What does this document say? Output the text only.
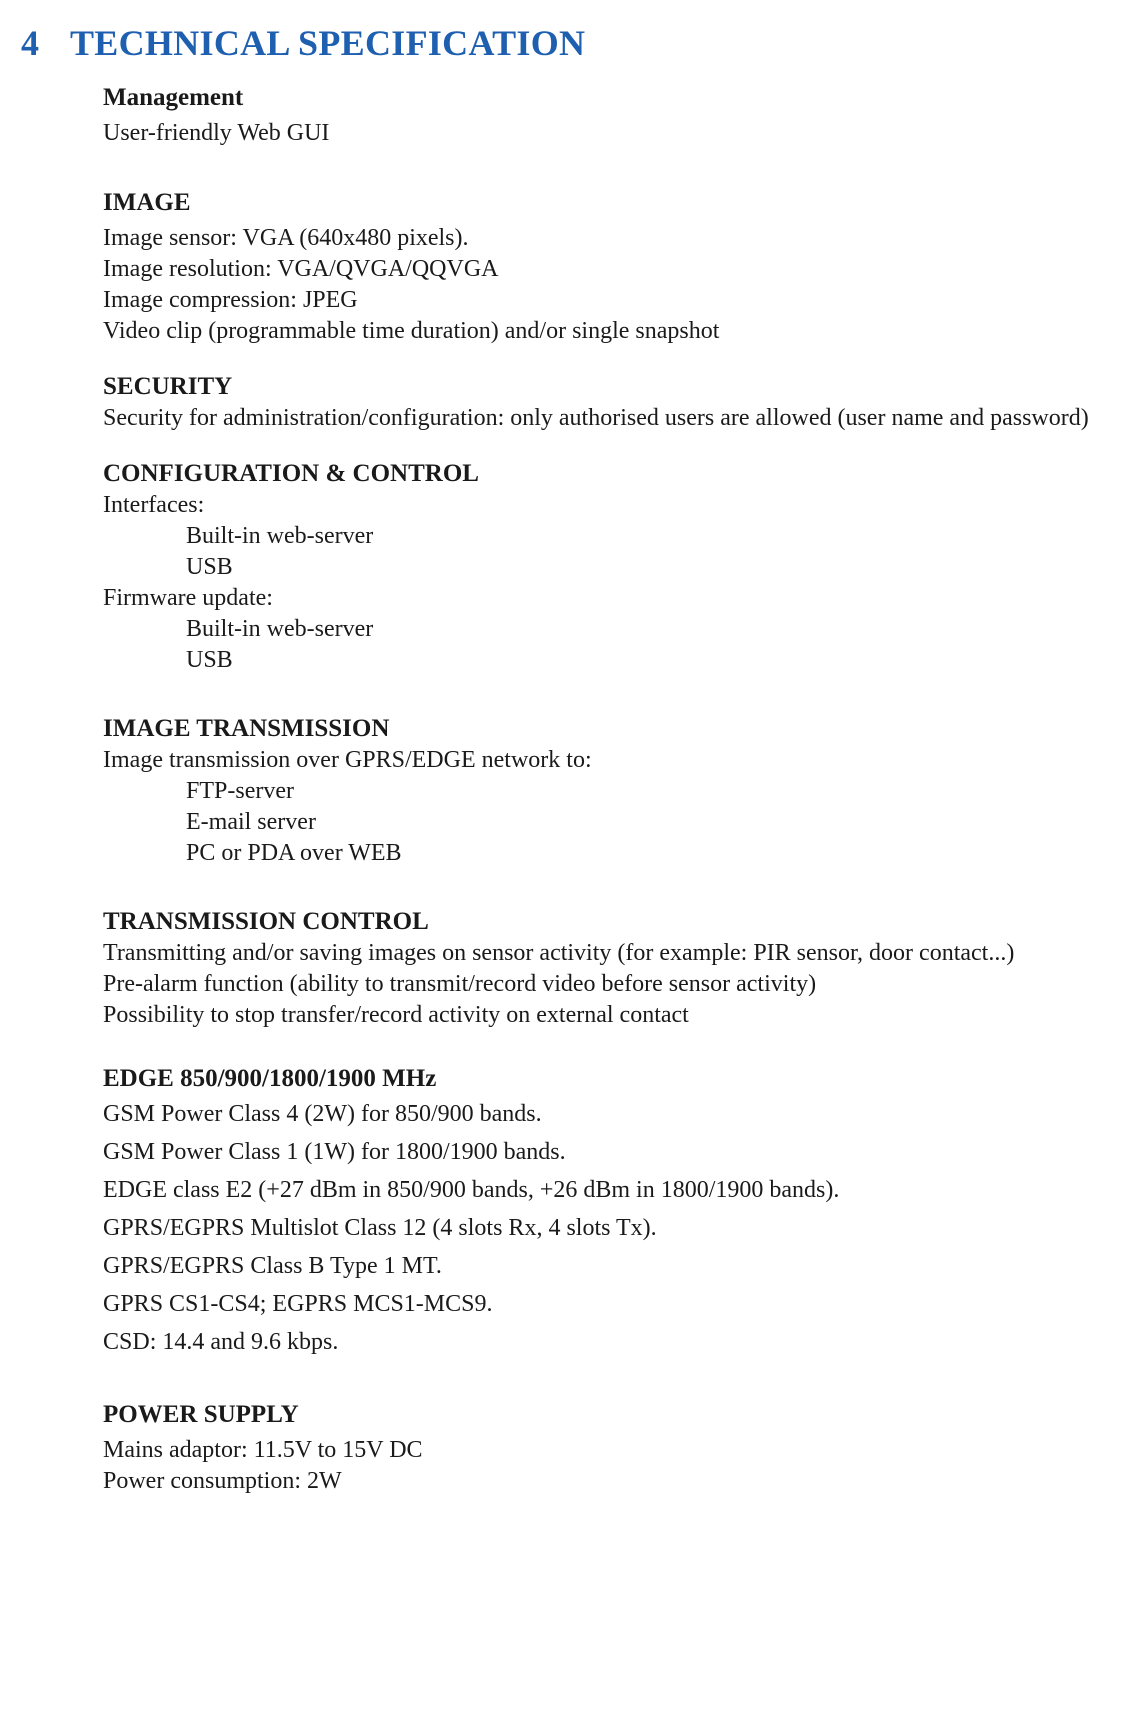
4 TECHNICAL SPECIFICATION

Management

User-friendly Web GUI

IMAGE

Image sensor: VGA (640x480 pixels).

Image resolution: VGA/QVGA/QQVGA

Image compression: JPEG

Video clip (programmable time duration) and/or single snapshot

SECURITY

Security for administration/configuration: only authorised users are allowed (user name and password)

CONFIGURATION & CONTROL

Interfaces:

Built-in web-server

USB

Firmware update:

Built-in web-server

USB

IMAGE TRANSMISSION

Image transmission over GPRS/EDGE network to:

FTP-server

E-mail server

PC or PDA over WEB

TRANSMISSION CONTROL

Transmitting and/or saving images on sensor activity (for example: PIR sensor, door contact...)

Pre-alarm function (ability to transmit/record video before sensor activity)

Possibility to stop transfer/record activity on external contact

EDGE 850/900/1800/1900 MHz

GSM Power Class 4 (2W) for 850/900 bands.

GSM Power Class 1 (1W) for 1800/1900 bands.

EDGE class E2 (+27 dBm in 850/900 bands, +26 dBm in 1800/1900 bands).

GPRS/EGPRS Multislot Class 12 (4 slots Rx, 4 slots Tx).

GPRS/EGPRS Class B Type 1 MT.

GPRS CS1-CS4; EGPRS MCS1-MCS9.

CSD: 14.4 and 9.6 kbps.

POWER SUPPLY

Mains adaptor: 11.5V to 15V DC

Power consumption: 2W
